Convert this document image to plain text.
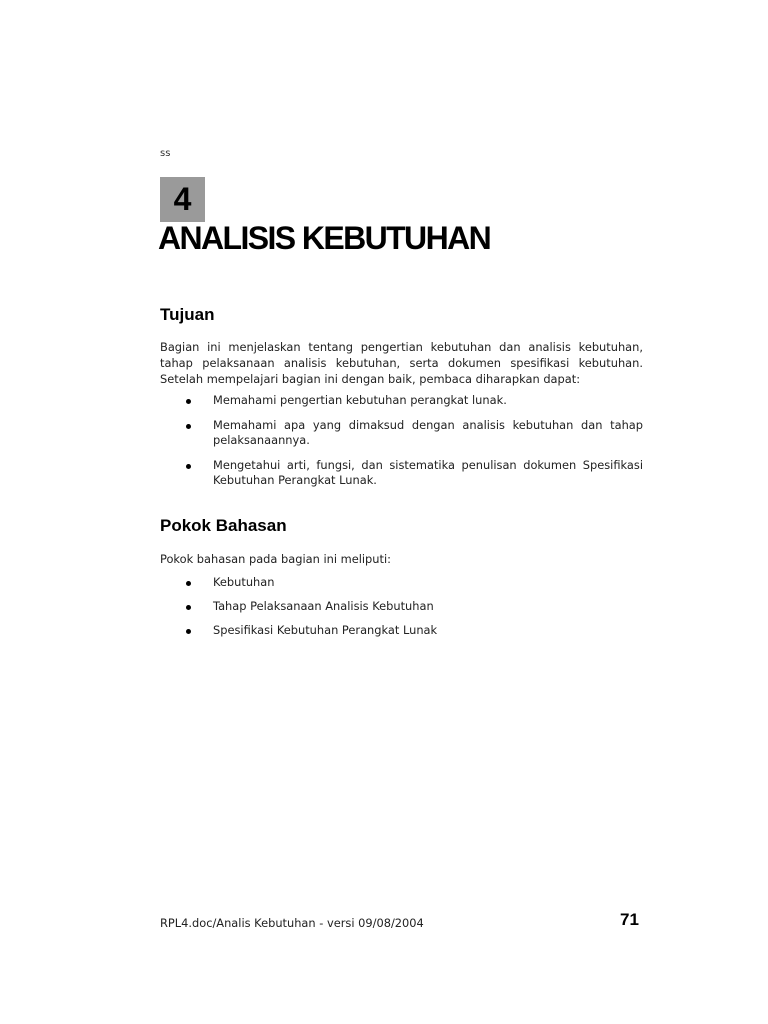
ss
4
ANALISIS KEBUTUHAN
Tujuan

Bagian ini menjelaskan tentang pengertian kebutuhan dan analisis kebutuhan, tahap pelaksanaan analisis kebutuhan, serta dokumen spesifikasi kebutuhan. Setelah mempelajari bagian ini dengan baik, pembaca diharapkan dapat:

Memahami pengertian kebutuhan perangkat lunak.
Memahami apa yang dimaksud dengan analisis kebutuhan dan tahap pelaksanaannya.
Mengetahui arti, fungsi, dan sistematika penulisan dokumen Spesifikasi Kebutuhan Perangkat Lunak.
Pokok Bahasan

Pokok bahasan pada bagian ini meliputi:

Kebutuhan
Tahap Pelaksanaan Analisis Kebutuhan
Spesifikasi Kebutuhan Perangkat Lunak
RPL4.doc/Analis Kebutuhan - versi 09/08/2004	71
